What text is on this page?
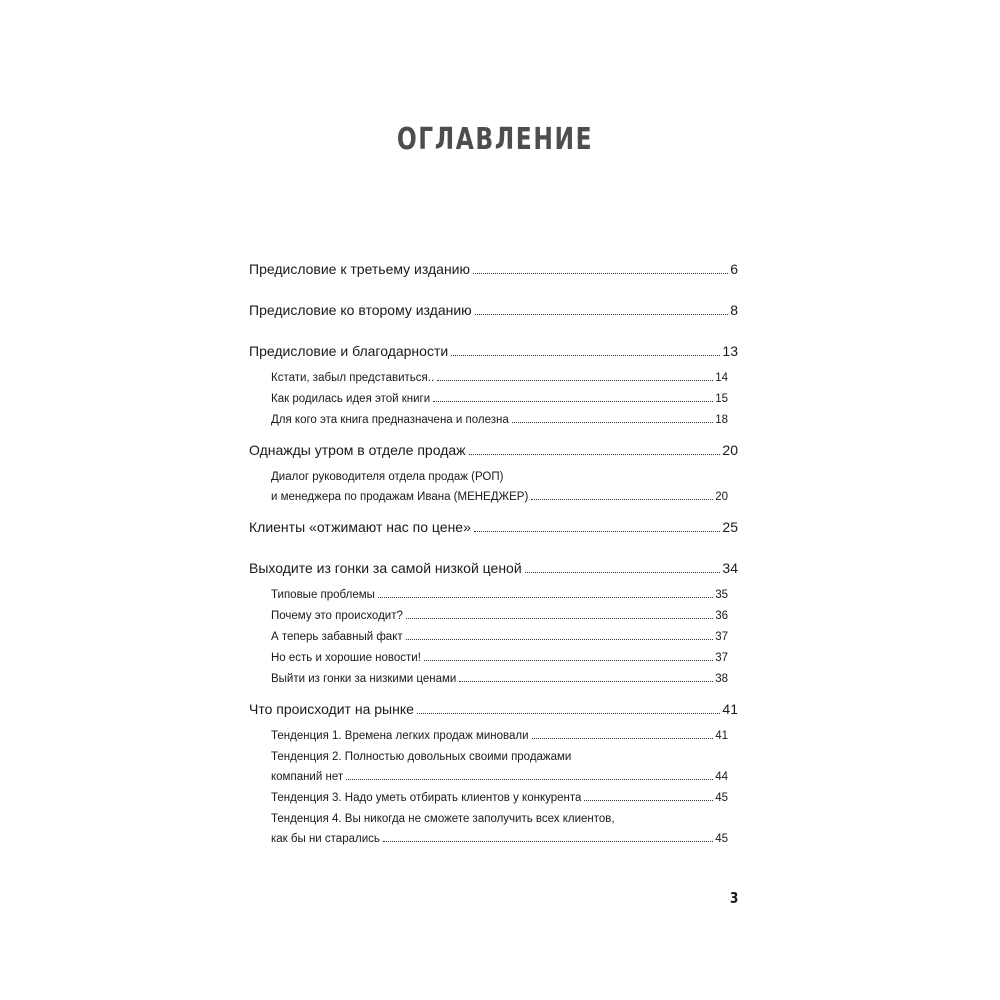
ОГЛАВЛЕНИЕ
Предисловие к третьему изданию	6
Предисловие ко второму изданию	8
Предисловие и благодарности	13
Кстати, забыл представиться..	14
Как родилась идея этой книги	15
Для кого эта книга предназначена и полезна	18
Однажды утром в отделе продаж	20
Диалог руководителя отдела продаж (РОП)
и менеджера по продажам Ивана (МЕНЕДЖЕР)	20
Клиенты «отжимают нас по цене»	25
Выходите из гонки за самой низкой ценой	34
Типовые проблемы	35
Почему это происходит?	36
А теперь забавный факт	37
Но есть и хорошие новости!	37
Выйти из гонки за низкими ценами	38
Что происходит на рынке	41
Тенденция 1. Времена легких продаж миновали	41
Тенденция 2. Полностью довольных своими продажами
компаний нет	44
Тенденция 3. Надо уметь отбирать клиентов у конкурента	45
Тенденция 4. Вы никогда не сможете заполучить всех клиентов,
как бы ни старались	45
3
